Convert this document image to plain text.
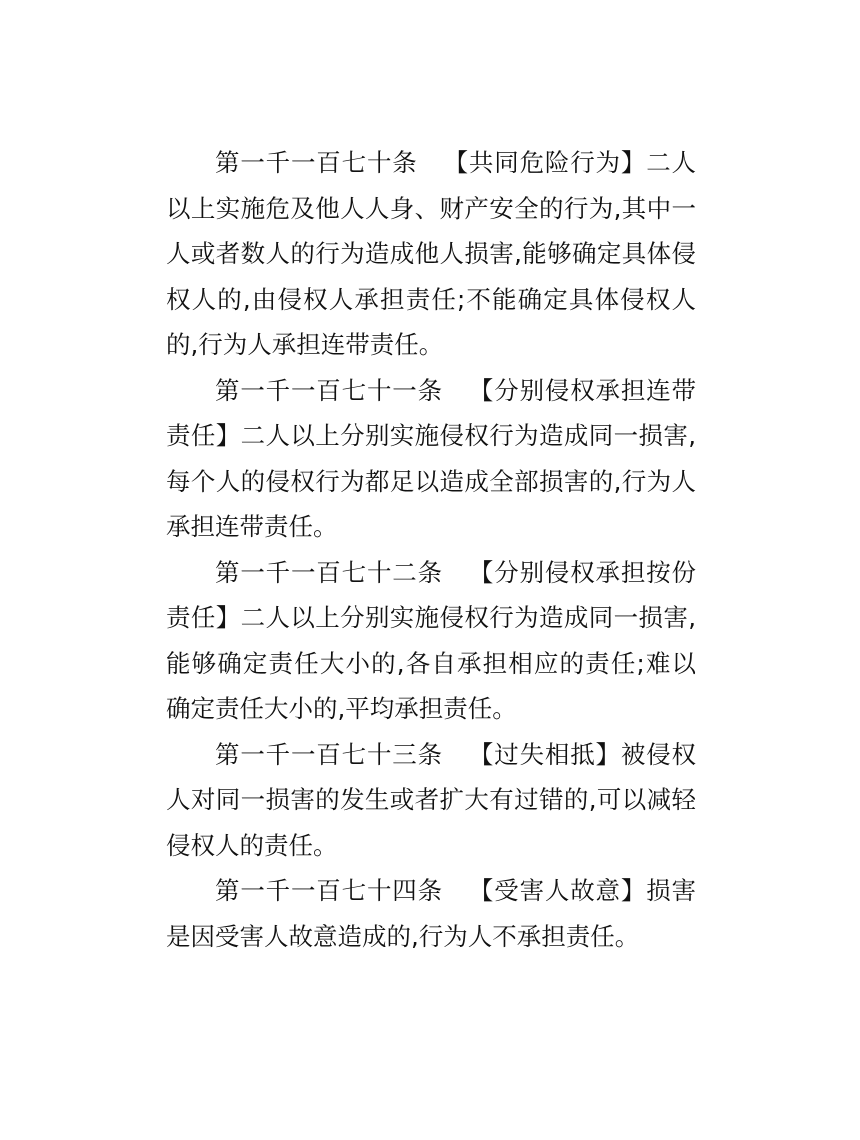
第一千一百七十条 【共同危险行为】二人以上实施危及他人人身、财产安全的行为,其中一人或者数人的行为造成他人损害,能够确定具体侵权人的,由侵权人承担责任;不能确定具体侵权人的,行为人承担连带责任。

第一千一百七十一条 【分别侵权承担连带责任】二人以上分别实施侵权行为造成同一损害,每个人的侵权行为都足以造成全部损害的,行为人承担连带责任。

第一千一百七十二条 【分别侵权承担按份责任】二人以上分别实施侵权行为造成同一损害,能够确定责任大小的,各自承担相应的责任;难以确定责任大小的,平均承担责任。

第一千一百七十三条 【过失相抵】被侵权人对同一损害的发生或者扩大有过错的,可以减轻侵权人的责任。

第一千一百七十四条 【受害人故意】损害是因受害人故意造成的,行为人不承担责任。
